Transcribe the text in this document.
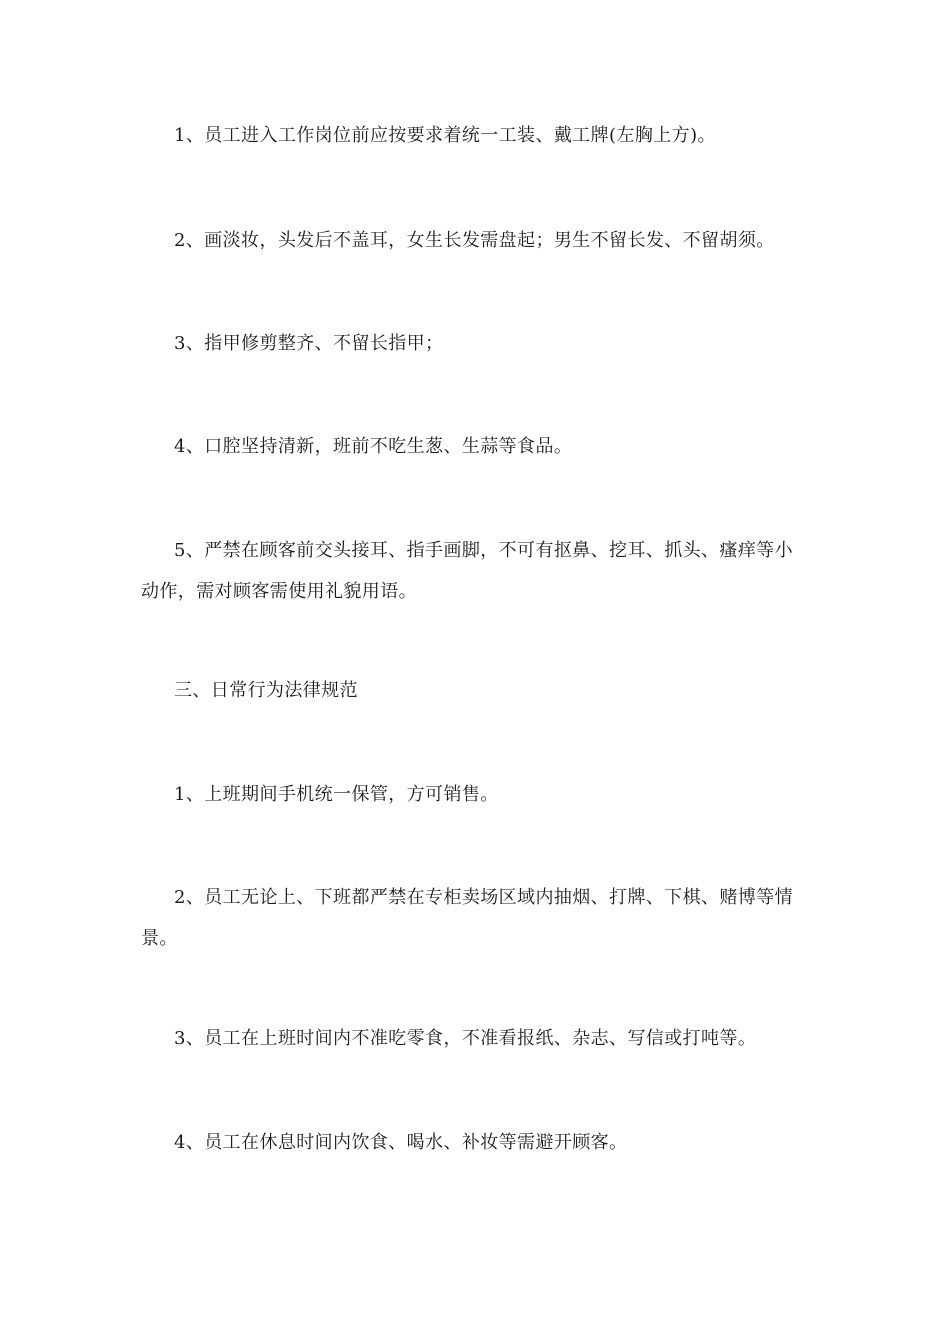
1、员工进入工作岗位前应按要求着统一工装、戴工牌(左胸上方)。

2、画淡妆，头发后不盖耳，女生长发需盘起；男生不留长发、不留胡须。

3、指甲修剪整齐、不留长指甲；

4、口腔坚持清新，班前不吃生葱、生蒜等食品。

5、严禁在顾客前交头接耳、指手画脚，不可有抠鼻、挖耳、抓头、瘙痒等小动作，需对顾客需使用礼貌用语。

三、日常行为法律规范

1、上班期间手机统一保管，方可销售。

2、员工无论上、下班都严禁在专柜卖场区域内抽烟、打牌、下棋、赌博等情景。

3、员工在上班时间内不准吃零食，不准看报纸、杂志、写信或打吨等。

4、员工在休息时间内饮食、喝水、补妆等需避开顾客。
